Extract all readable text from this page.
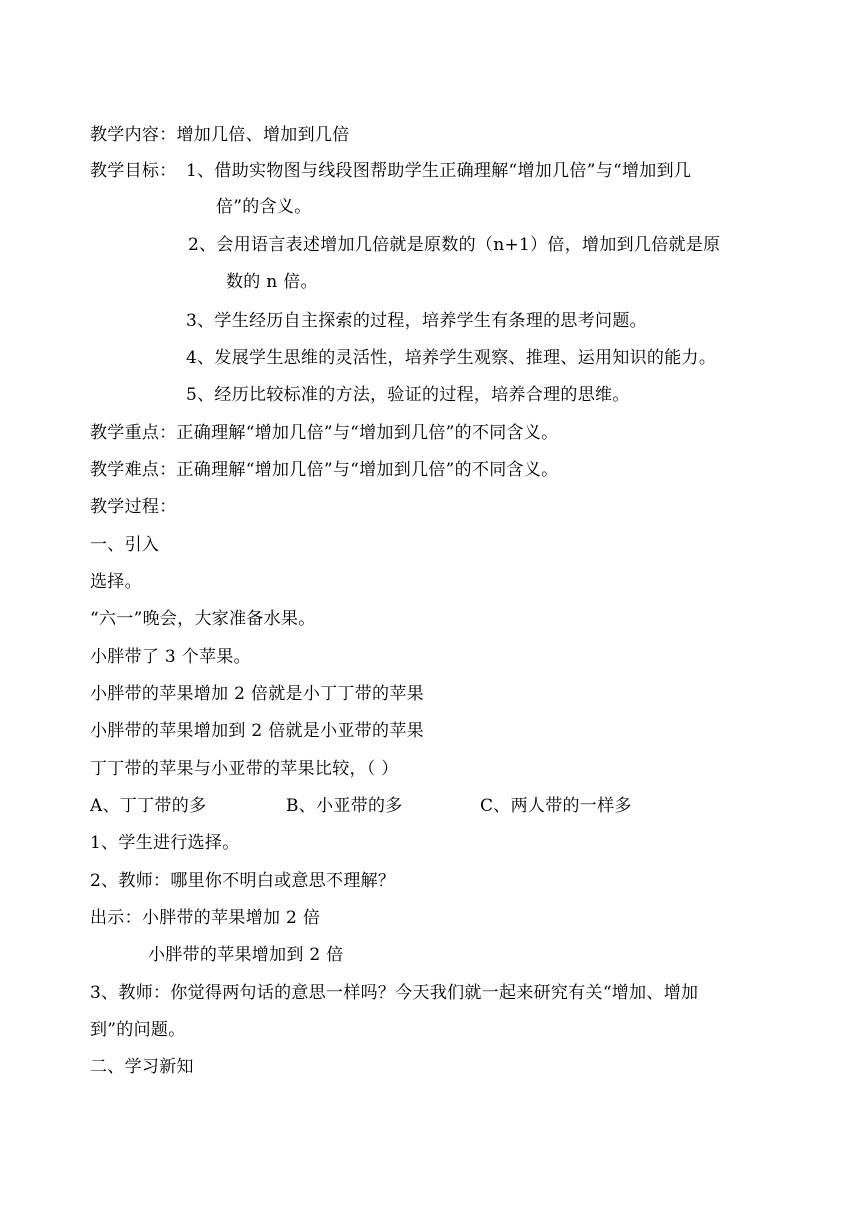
教学内容：增加几倍、增加到几倍
教学目标： 1、借助实物图与线段图帮助学生正确理解“增加几倍”与“增加到几
倍”的含义。
2、会用语言表述增加几倍就是原数的（n+1）倍，增加到几倍就是原
数的 n 倍。
3、学生经历自主探索的过程，培养学生有条理的思考问题。
4、发展学生思维的灵活性，培养学生观察、推理、运用知识的能力。
5、经历比较标准的方法，验证的过程，培养合理的思维。
教学重点：正确理解“增加几倍”与“增加到几倍”的不同含义。
教学难点：正确理解“增加几倍”与“增加到几倍”的不同含义。
教学过程：
一、引入
选择。
“六一”晚会，大家准备水果。
小胖带了 3 个苹果。
小胖带的苹果增加 2 倍就是小丁丁带的苹果
小胖带的苹果增加到 2 倍就是小亚带的苹果
丁丁带的苹果与小亚带的苹果比较，（ ）
A、丁丁带的多	B、小亚带的多	C、两人带的一样多
1、学生进行选择。
2、教师：哪里你不明白或意思不理解？
出示：小胖带的苹果增加 2 倍
小胖带的苹果增加到 2 倍
3、教师：你觉得两句话的意思一样吗？今天我们就一起来研究有关“增加、增加
到”的问题。
二、学习新知
